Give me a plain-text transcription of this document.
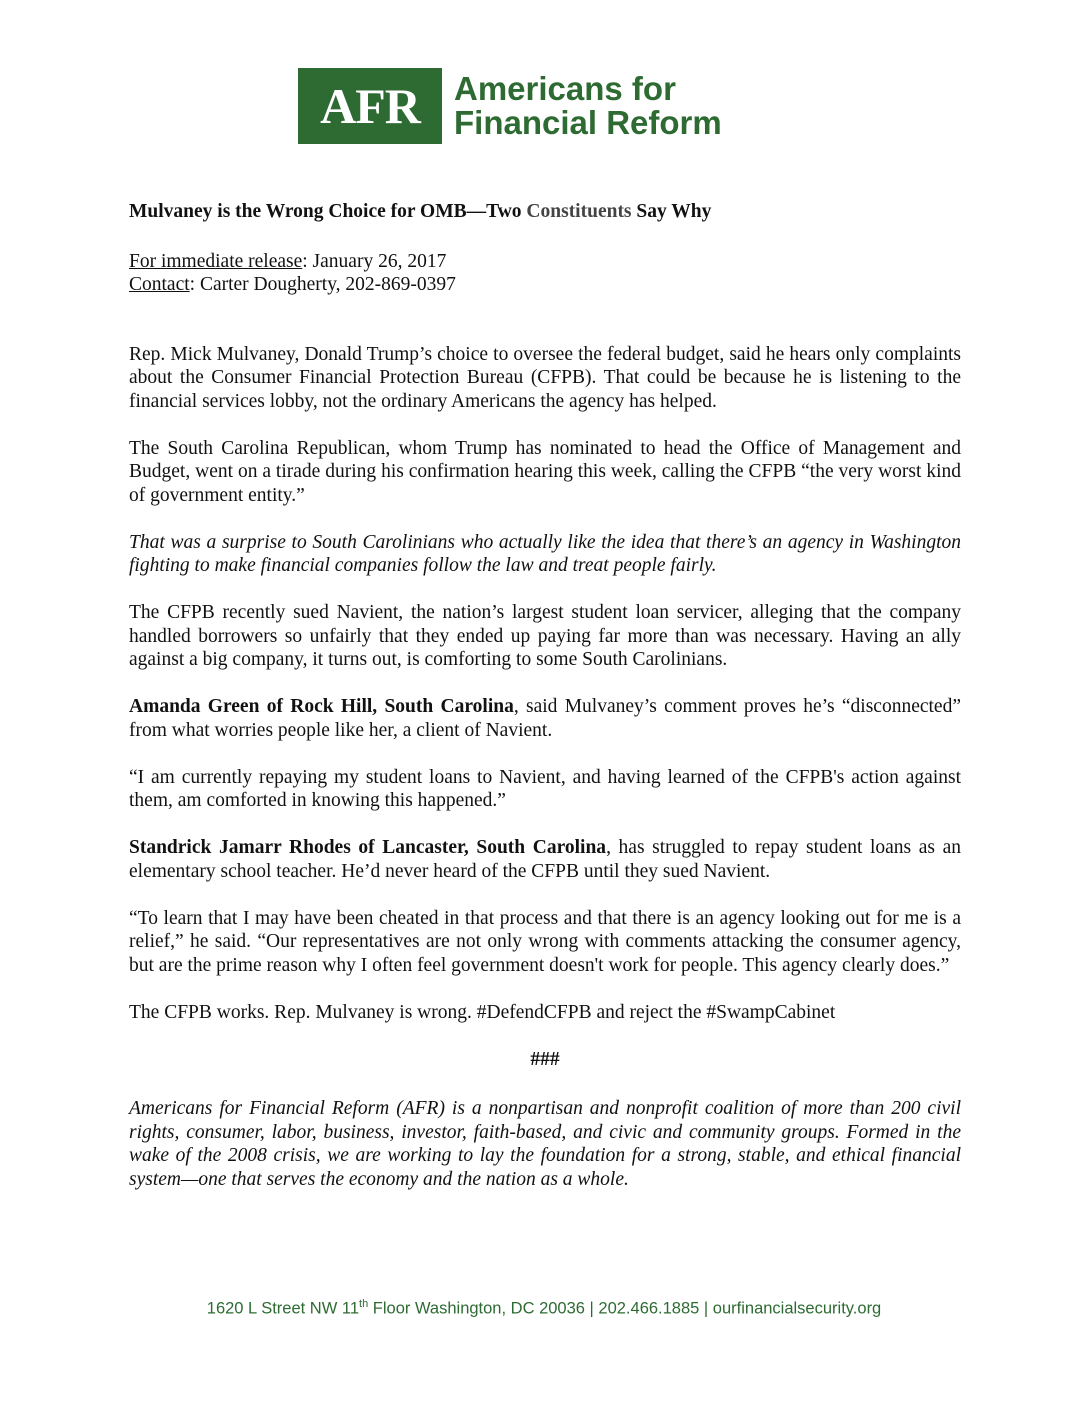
AFR	Americans for
Financial Reform

Mulvaney is the Wrong Choice for OMB—Two Constituents Say Why

For immediate release: January 26, 2017

Contact: Carter Dougherty, 202-869-0397

Rep. Mick Mulvaney, Donald Trump’s choice to oversee the federal budget, said he hears only complaints about the Consumer Financial Protection Bureau (CFPB). That could be because he is listening to the financial services lobby, not the ordinary Americans the agency has helped.

The South Carolina Republican, whom Trump has nominated to head the Office of Management and Budget, went on a tirade during his confirmation hearing this week, calling the CFPB “the very worst kind of government entity.”

That was a surprise to South Carolinians who actually like the idea that there’s an agency in Washington fighting to make financial companies follow the law and treat people fairly.

The CFPB recently sued Navient, the nation’s largest student loan servicer, alleging that the company handled borrowers so unfairly that they ended up paying far more than was necessary. Having an ally against a big company, it turns out, is comforting to some South Carolinians.

Amanda Green of Rock Hill, South Carolina, said Mulvaney’s comment proves he’s “disconnected” from what worries people like her, a client of Navient.

“I am currently repaying my student loans to Navient, and having learned of the CFPB's action against them, am comforted in knowing this happened.”

Standrick Jamarr Rhodes of Lancaster, South Carolina, has struggled to repay student loans as an elementary school teacher. He’d never heard of the CFPB until they sued Navient.

“To learn that I may have been cheated in that process and that there is an agency looking out for me is a relief,” he said. “Our representatives are not only wrong with comments attacking the consumer agency, but are the prime reason why I often feel government doesn't work for people. This agency clearly does.”

The CFPB works. Rep. Mulvaney is wrong. #DefendCFPB and reject the #SwampCabinet

###

Americans for Financial Reform (AFR) is a nonpartisan and nonprofit coalition of more than 200 civil rights, consumer, labor, business, investor, faith-based, and civic and community groups. Formed in the wake of the 2008 crisis, we are working to lay the foundation for a strong, stable, and ethical financial system—one that serves the economy and the nation as a whole.

1620 L Street NW 11th Floor Washington, DC 20036 | 202.466.1885 | ourfinancialsecurity.org
